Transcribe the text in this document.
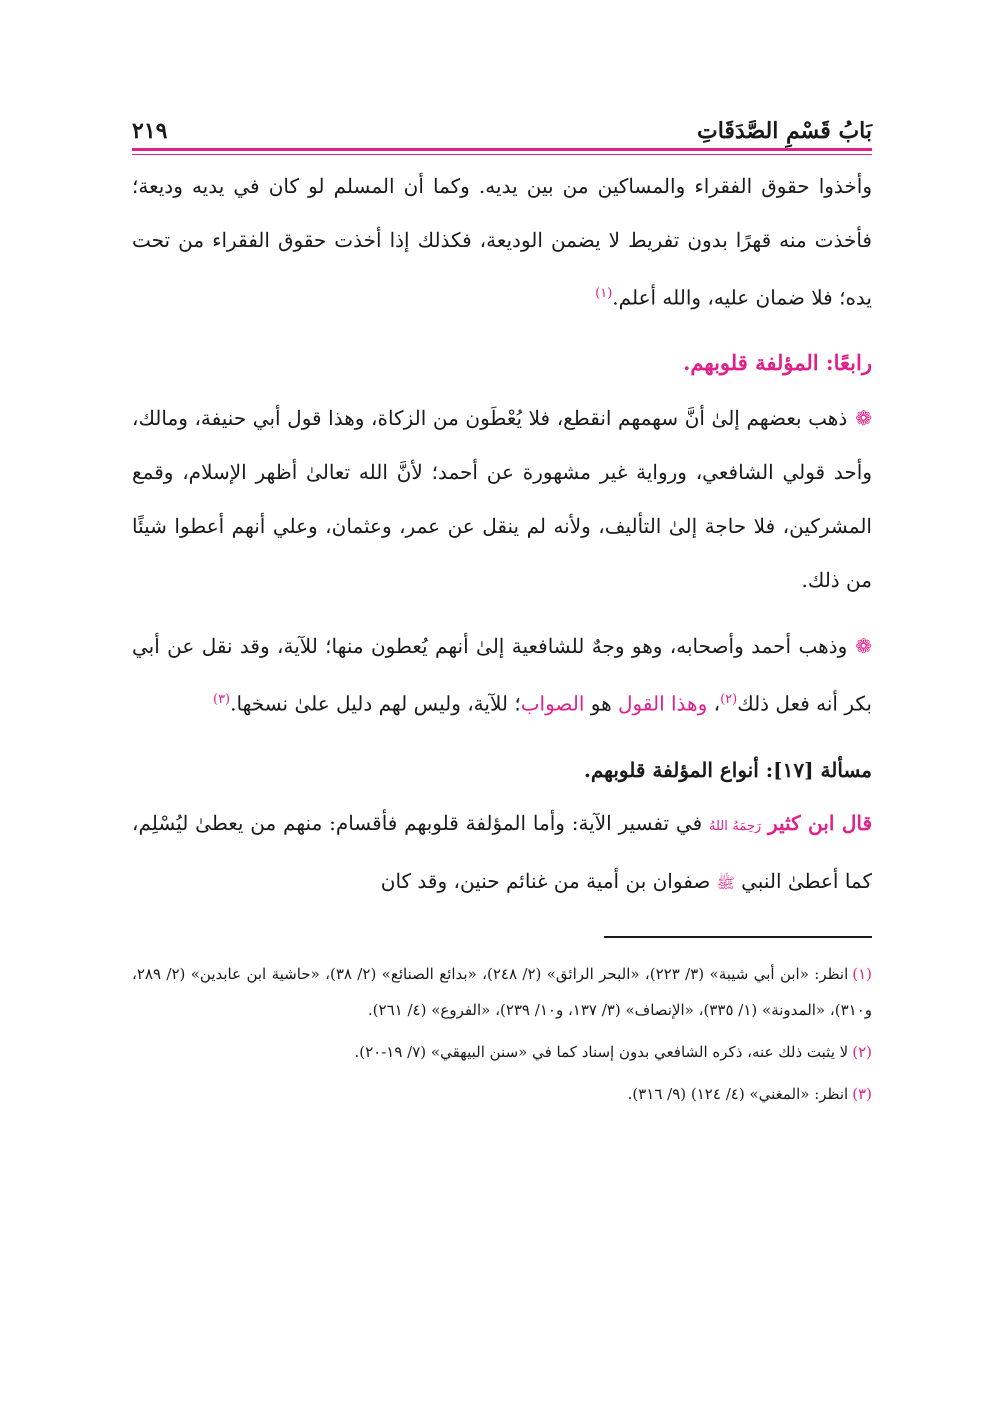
بَابُ قَسْمِ الصَّدَقَاتِ
٢١٩

وأخذوا حقوق الفقراء والمساكين من بين يديه. وكما أن المسلم لو كان في يديه وديعة؛ فأخذت منه قهرًا بدون تفريط لا يضمن الوديعة، فكذلك إذا أخذت حقوق الفقراء من تحت يده؛ فلا ضمان عليه، والله أعلم.$^{(١)}$

رابعًا: المؤلفة قلوبهم.

❁ذهب بعضهم إلىٰ أنَّ سهمهم انقطع، فلا يُعْطَون من الزكاة، وهذا قول أبي حنيفة، ومالك، وأحد قولي الشافعي، ورواية غير مشهورة عن أحمد؛ لأنَّ الله تعالىٰ أظهر الإسلام، وقمع المشركين، فلا حاجة إلىٰ التأليف، ولأنه لم ينقل عن عمر، وعثمان، وعلي أنهم أعطوا شيئًا من ذلك.

❁وذهب أحمد وأصحابه، وهو وجهٌ للشافعية إلىٰ أنهم يُعطون منها؛ للآية، وقد نقل عن أبي بكر أنه فعل ذلك$^{(٢)}$، وهذا القول هو الصواب؛ للآية، وليس لهم دليل علىٰ نسخها.$^{(٣)}$

مسألة [١٧]: أنواع المؤلفة قلوبهم.

قال ابن كثير رَحِمَهُ اللهُ في تفسير الآية: وأما المؤلفة قلوبهم فأقسام: منهم من يعطىٰ ليُسْلِم، كما أعطىٰ النبي ﷺ صفوان بن أمية من غنائم حنين، وقد كان

(١)انظر: «ابن أبي شيبة» (٣/ ٢٢٣)، «البحر الرائق» (٢/ ٢٤٨)، «بدائع الصنائع» (٢/ ٣٨)، «حاشية ابن عابدين» (٢/ ٢٨٩، و٣١٠)، «المدونة» (١/ ٣٣٥)، «الإنصاف» (٣/ ١٣٧، و١٠/ ٢٣٩)، «الفروع» (٤/ ٢٦١).

(٢)لا يثبت ذلك عنه، ذكره الشافعي بدون إسناد كما في «سنن البيهقي» (٧/ ١٩-٢٠).

(٣)انظر: «المغني» (٤/ ١٢٤) (٩/ ٣١٦).
